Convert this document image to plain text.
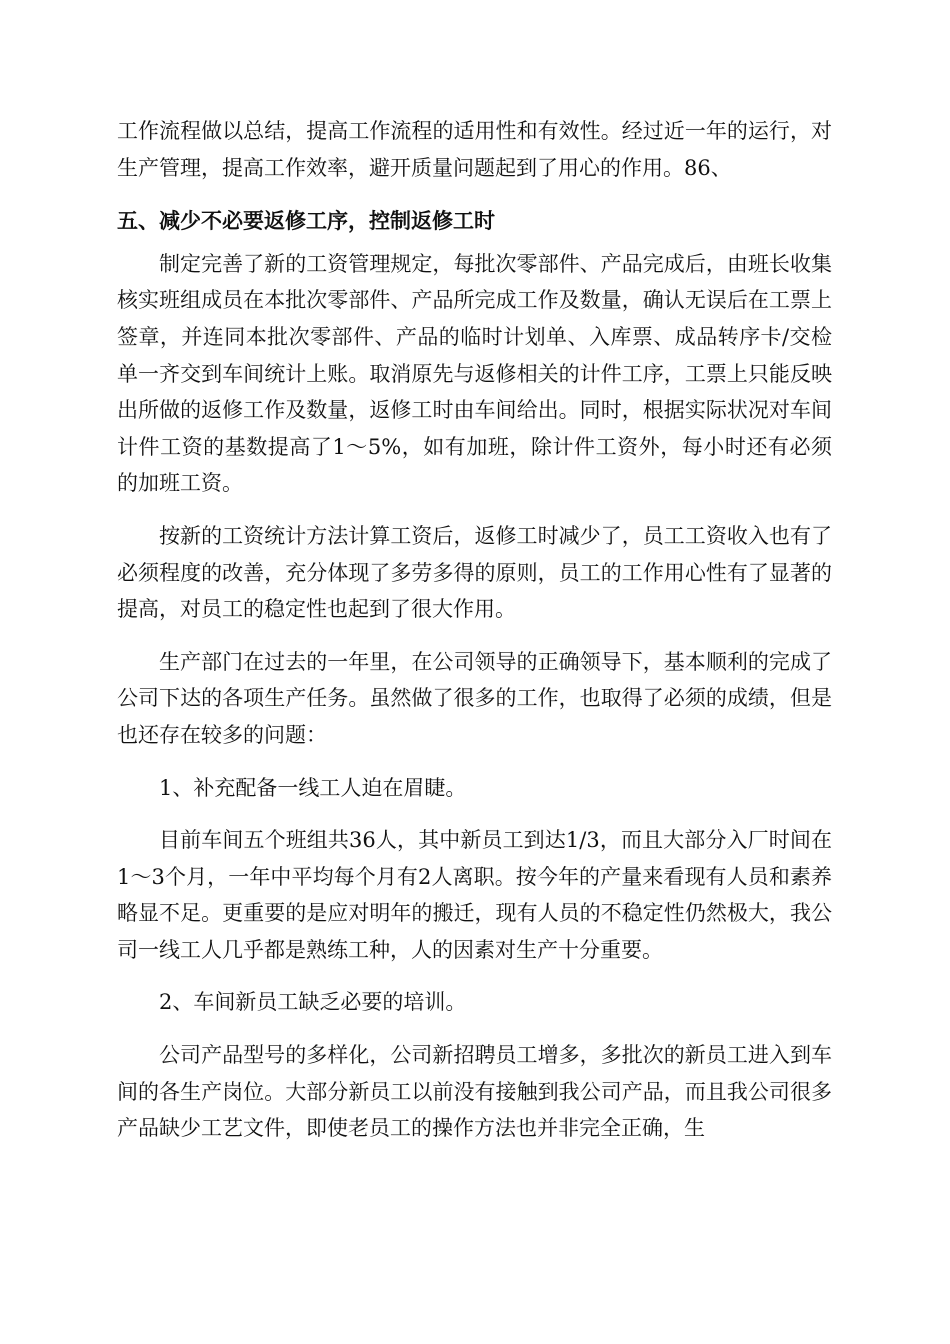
工作流程做以总结，提高工作流程的适用性和有效性。经过近一年的运行，对生产管理，提高工作效率，避开质量问题起到了用心的作用。86、

五、减少不必要返修工序，控制返修工时

制定完善了新的工资管理规定，每批次零部件、产品完成后，由班长收集核实班组成员在本批次零部件、产品所完成工作及数量，确认无误后在工票上签章，并连同本批次零部件、产品的临时计划单、入库票、成品转序卡/交检单一齐交到车间统计上账。取消原先与返修相关的计件工序，工票上只能反映出所做的返修工作及数量，返修工时由车间给出。同时，根据实际状况对车间计件工资的基数提高了1～5%，如有加班，除计件工资外，每小时还有必须的加班工资。

按新的工资统计方法计算工资后，返修工时减少了，员工工资收入也有了必须程度的改善，充分体现了多劳多得的原则，员工的工作用心性有了显著的提高，对员工的稳定性也起到了很大作用。

生产部门在过去的一年里，在公司领导的正确领导下，基本顺利的完成了公司下达的各项生产任务。虽然做了很多的工作，也取得了必须的成绩，但是也还存在较多的问题：

1、补充配备一线工人迫在眉睫。

目前车间五个班组共36人，其中新员工到达1/3，而且大部分入厂时间在1～3个月，一年中平均每个月有2人离职。按今年的产量来看现有人员和素养略显不足。更重要的是应对明年的搬迁，现有人员的不稳定性仍然极大，我公司一线工人几乎都是熟练工种，人的因素对生产十分重要。

2、车间新员工缺乏必要的培训。

公司产品型号的多样化，公司新招聘员工增多，多批次的新员工进入到车间的各生产岗位。大部分新员工以前没有接触到我公司产品，而且我公司很多产品缺少工艺文件，即使老员工的操作方法也并非完全正确，生
